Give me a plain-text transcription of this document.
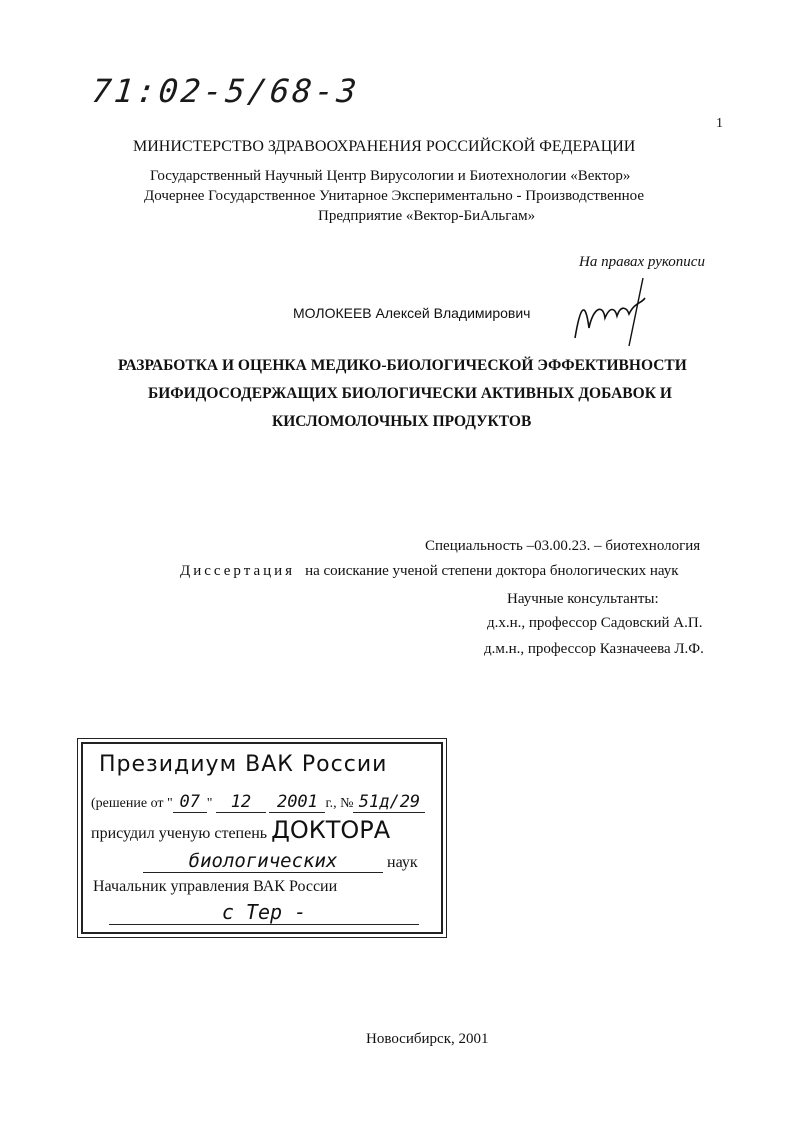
71:02-5/68-3
1
МИНИСТЕРСТВО ЗДРАВООХРАНЕНИЯ РОССИЙСКОЙ ФЕДЕРАЦИИ
Государственный Научный Центр Вирусологии и Биотехнологии «Вектор»
Дочернее Государственное Унитарное Экспериментально - Производственное
Предприятие «Вектор-БиАльгам»
На правах рукописи
МОЛОКЕЕВ Алексей Владимирович
РАЗРАБОТКА И ОЦЕНКА МЕДИКО-БИОЛОГИЧЕСКОЙ ЭФФЕКТИВНОСТИ
БИФИДОСОДЕРЖАЩИХ БИОЛОГИЧЕСКИ АКТИВНЫХ ДОБАВОК И
КИСЛОМОЛОЧНЫХ ПРОДУКТОВ
Специальность –03.00.23. – биотехнология
Диссертация на соискание ученой степени доктора бнологических наук
Научные консультанты:
д.х.н., профессор Садовский А.П.
д.м.н., профессор Казначеева Л.Ф.
Президиум ВАК России
(решение от " 07 " 12 2001 г., № 51д/29
присудил ученую степень ДОКТОРА
биологических	наук
Начальник управления ВАК России
с Тер -
Новосибирск, 2001
